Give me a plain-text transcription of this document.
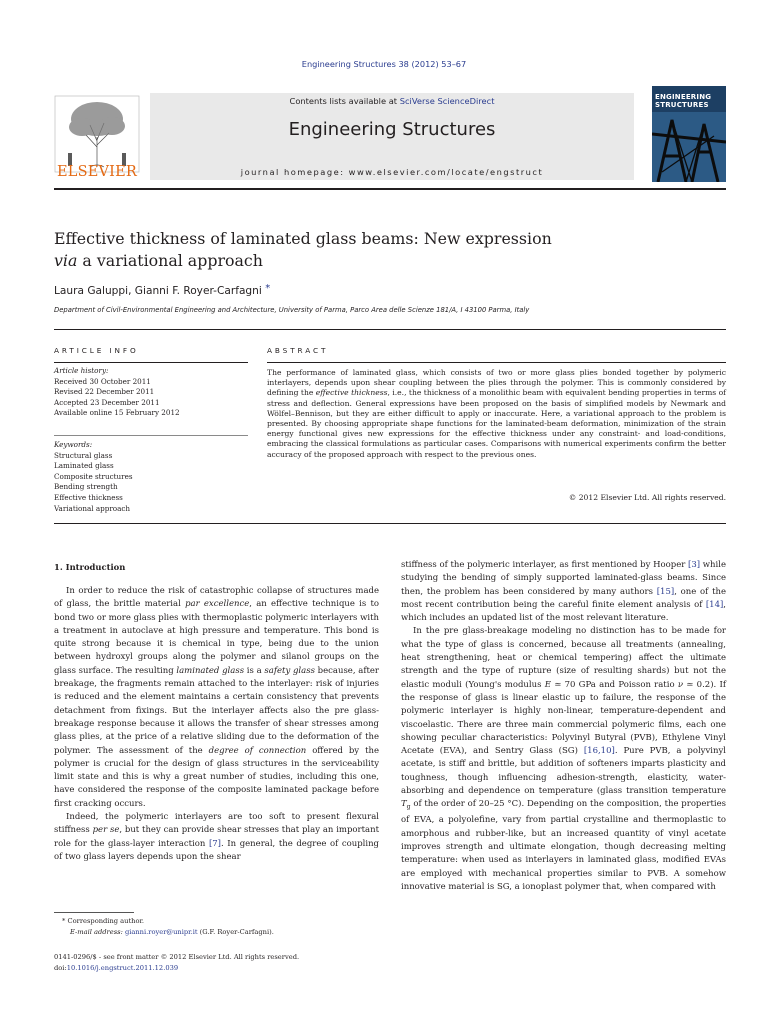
Engineering Structures 38 (2012) 53–67
ELSEVIER
Contents lists available at SciVerse ScienceDirect
Engineering Structures
journal homepage: www.elsevier.com/locate/engstruct
ENGINEERING
STRUCTURES
Effective thickness of laminated glass beams: New expression
via a variational approach
Laura Galuppi, Gianni F. Royer-Carfagni *
Department of Civil-Environmental Engineering and Architecture, University of Parma, Parco Area delle Scienze 181/A, I 43100 Parma, Italy
ARTICLE INFO
Article history:
Received 30 October 2011
Revised 22 December 2011
Accepted 23 December 2011
Available online 15 February 2012
Keywords:
Structural glass
Laminated glass
Composite structures
Bending strength
Effective thickness
Variational approach
ABSTRACT

The performance of laminated glass, which consists of two or more glass plies bonded together by polymeric interlayers, depends upon shear coupling between the plies through the polymer. This is commonly considered by defining the effective thickness, i.e., the thickness of a monolithic beam with equivalent bending properties in terms of stress and deflection. General expressions have been proposed on the basis of simplified models by Newmark and Wölfel–Bennison, but they are either difficult to apply or inaccurate. Here, a variational approach to the problem is presented. By choosing appropriate shape functions for the laminated-beam deformation, minimization of the strain energy functional gives new expressions for the effective thickness under any constraint- and load-conditions, embracing the classical formulations as particular cases. Comparisons with numerical experiments confirm the better accuracy of the proposed approach with respect to the previous ones.

© 2012 Elsevier Ltd. All rights reserved.
1. Introduction

In order to reduce the risk of catastrophic collapse of structures made of glass, the brittle material par excellence, an effective technique is to bond two or more glass plies with thermoplastic polymeric interlayers with a treatment in autoclave at high pressure and temperature. This bond is quite strong because it is chemical in type, being due to the union between hydroxyl groups along the polymer and silanol groups on the glass surface. The resulting laminated glass is a safety glass because, after breakage, the fragments remain attached to the interlayer: risk of injuries is reduced and the element maintains a certain consistency that prevents detachment from fixings. But the interlayer affects also the pre glass-breakage response because it allows the transfer of shear stresses among glass plies, at the price of a relative sliding due to the deformation of the polymer. The assessment of the degree of connection offered by the polymer is crucial for the design of glass structures in the serviceability limit state and this is why a great number of studies, including this one, have considered the response of the composite laminated package before first cracking occurs.

Indeed, the polymeric interlayers are too soft to present flexural stiffness per se, but they can provide shear stresses that play an important role for the glass-layer interaction [7]. In general, the degree of coupling of two glass layers depends upon the shear

stiffness of the polymeric interlayer, as first mentioned by Hooper [3] while studying the bending of simply supported laminated-glass beams. Since then, the problem has been considered by many authors [15], one of the most recent contribution being the careful finite element analysis of [14], which includes an updated list of the most relevant literature.

In the pre glass-breakage modeling no distinction has to be made for what the type of glass is concerned, because all treatments (annealing, heat strengthening, heat or chemical tempering) affect the ultimate strength and the type of rupture (size of resulting shards) but not the elastic moduli (Young's modulus E ≃ 70 GPa and Poisson ratio ν ≃ 0.2). If the response of glass is linear elastic up to failure, the response of the polymeric interlayer is highly non-linear, temperature-dependent and viscoelastic. There are three main commercial polymeric films, each one showing peculiar characteristics: Polyvinyl Butyral (PVB), Ethylene Vinyl Acetate (EVA), and Sentry Glass (SG) [16,10]. Pure PVB, a polyvinyl acetate, is stiff and brittle, but addition of softeners imparts plasticity and toughness, though influencing adhesion-strength, elasticity, water-absorbing and dependence on temperature (glass transition temperature $T_g$ of the order of 20–25 °C). Depending on the composition, the properties of EVA, a polyolefine, vary from partial crystalline and thermoplastic to amorphous and rubber-like, but an increased quantity of vinyl acetate improves strength and ultimate elongation, though decreasing melting temperature: when used as interlayers in laminated glass, modified EVAs are employed with mechanical properties similar to PVB. A somehow innovative material is SG, a ionoplast polymer that, when compared with

* Corresponding author.
E-mail address: gianni.royer@unipr.it (G.F. Royer-Carfagni).
0141-0296/$ - see front matter © 2012 Elsevier Ltd. All rights reserved.
doi:10.1016/j.engstruct.2011.12.039
